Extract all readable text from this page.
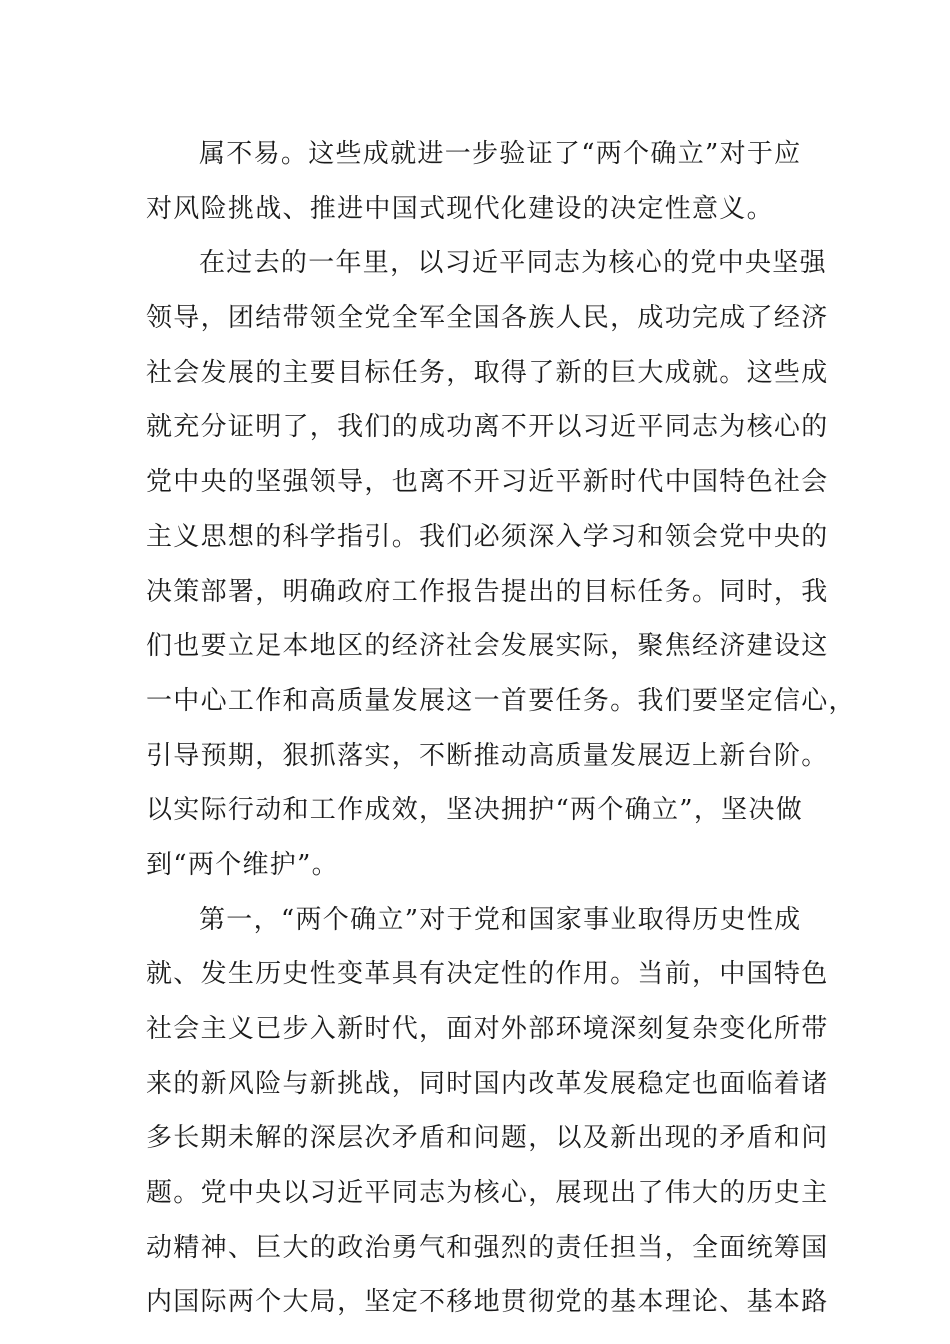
属不易。这些成就进一步验证了“两个确立”对于应
对风险挑战、推进中国式现代化建设的决定性意义。
在过去的一年里，以习近平同志为核心的党中央坚强
领导，团结带领全党全军全国各族人民，成功完成了经济
社会发展的主要目标任务，取得了新的巨大成就。这些成
就充分证明了，我们的成功离不开以习近平同志为核心的
党中央的坚强领导，也离不开习近平新时代中国特色社会
主义思想的科学指引。我们必须深入学习和领会党中央的
决策部署，明确政府工作报告提出的目标任务。同时，我
们也要立足本地区的经济社会发展实际，聚焦经济建设这
一中心工作和高质量发展这一首要任务。我们要坚定信心，
引导预期，狠抓落实，不断推动高质量发展迈上新台阶。
以实际行动和工作成效，坚决拥护“两个确立”，坚决做
到“两个维护”。
第一，“两个确立”对于党和国家事业取得历史性成
就、发生历史性变革具有决定性的作用。当前，中国特色
社会主义已步入新时代，面对外部环境深刻复杂变化所带
来的新风险与新挑战，同时国内改革发展稳定也面临着诸
多长期未解的深层次矛盾和问题，以及新出现的矛盾和问
题。党中央以习近平同志为核心，展现出了伟大的历史主
动精神、巨大的政治勇气和强烈的责任担当，全面统筹国
内国际两个大局，坚定不移地贯彻党的基本理论、基本路
